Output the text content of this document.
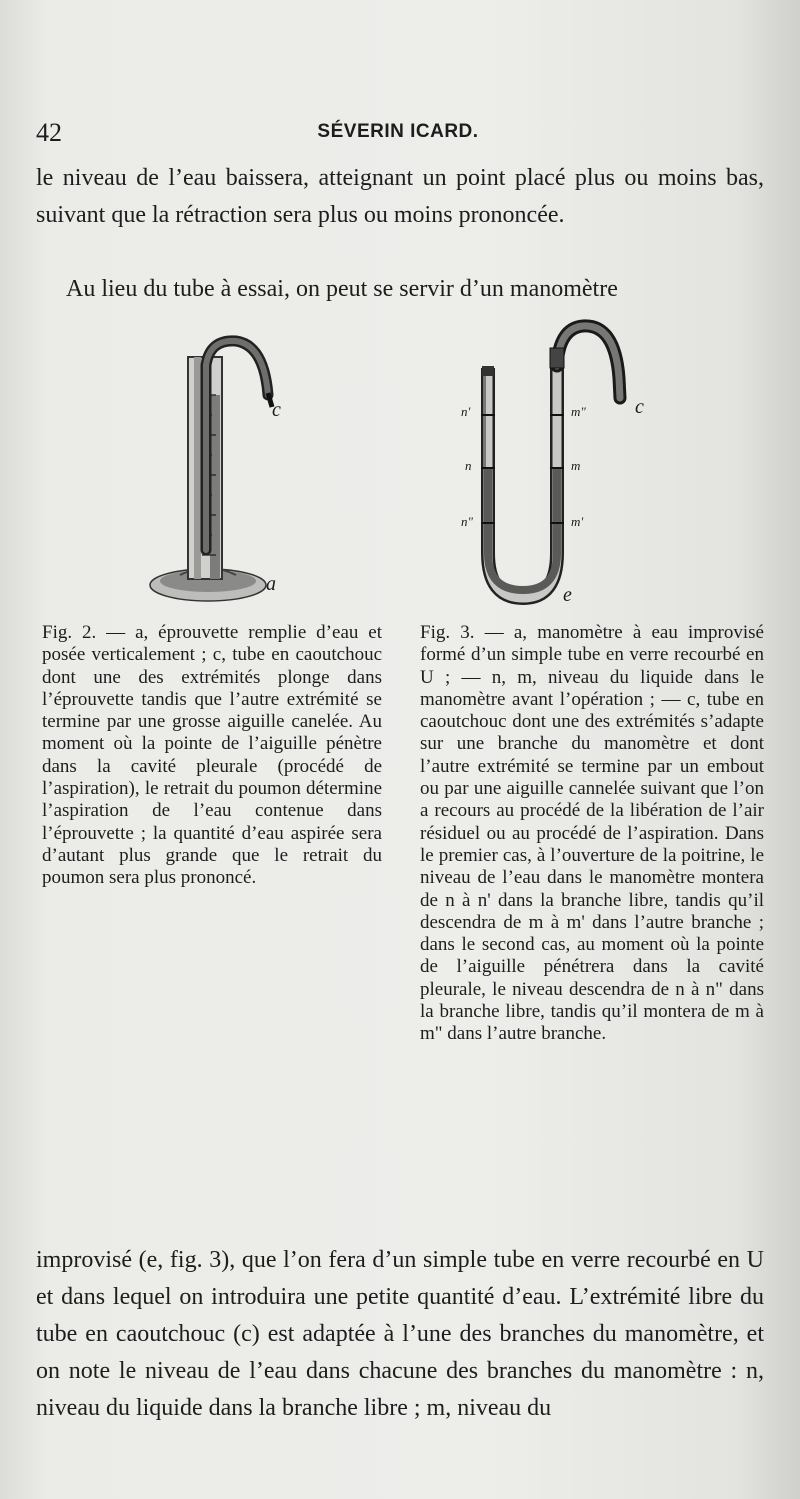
42	SÉVERIN ICARD.
le niveau de l’eau baissera, atteignant un point placé plus ou moins bas, suivant que la rétraction sera plus ou moins prononcée.
Au lieu du tube à essai, on peut se servir d’un manomètre
c
a
n'
n
n"
m"
m
m'
c
e
Fig. 2. — a, éprouvette remplie d’eau et posée verticalement ; c, tube en caoutchouc dont une des extrémités plonge dans l’éprouvette tandis que l’autre extrémité se termine par une grosse aiguille canelée. Au moment où la pointe de l’aiguille pénètre dans la cavité pleurale (procédé de l’aspiration), le retrait du poumon détermine l’aspiration de l’eau contenue dans l’éprouvette ; la quantité d’eau aspirée sera d’autant plus grande que le retrait du poumon sera plus prononcé.
Fig. 3. — a, manomètre à eau improvisé formé d’un simple tube en verre recourbé en U ; — n, m, niveau du liquide dans le manomètre avant l’opération ; — c, tube en caoutchouc dont une des extrémités s’adapte sur une branche du manomètre et dont l’autre extrémité se termine par un embout ou par une aiguille cannelée suivant que l’on a recours au procédé de la libération de l’air résiduel ou au procédé de l’aspiration. Dans le premier cas, à l’ouverture de la poitrine, le niveau de l’eau dans le manomètre montera de n à n' dans la branche libre, tandis qu’il descendra de m à m' dans l’autre branche ; dans le second cas, au moment où la pointe de l’aiguille pénétrera dans la cavité pleurale, le niveau descendra de n à n" dans la branche libre, tandis qu’il montera de m à m" dans l’autre branche.
improvisé (e, fig. 3), que l’on fera d’un simple tube en verre recourbé en U et dans lequel on introduira une petite quantité d’eau. L’extrémité libre du tube en caoutchouc (c) est adaptée à l’une des branches du manomètre, et on note le niveau de l’eau dans chacune des branches du manomètre : n, niveau du liquide dans la branche libre ; m, niveau du
